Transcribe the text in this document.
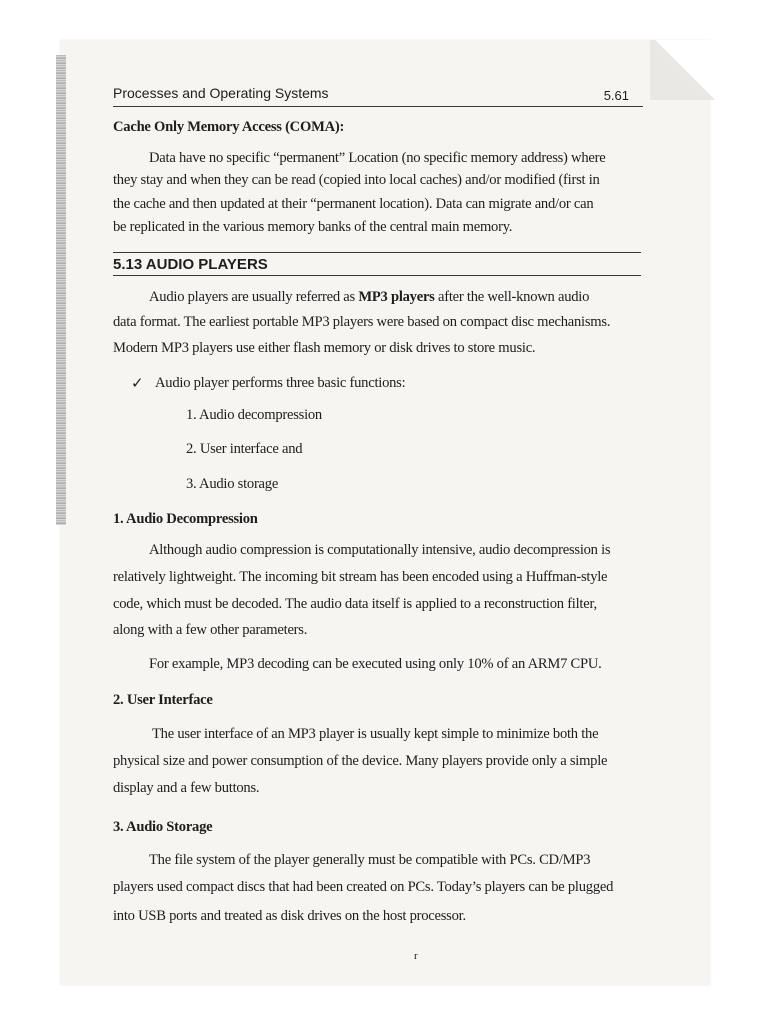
Processes and Operating Systems	5.61
Cache Only Memory Access (COMA):
Data have no specific “permanent” Location (no specific memory address) where
they stay and when they can be read (copied into local caches) and/or modified (first in
the cache and then updated at their “permanent location). Data can migrate and/or can
be replicated in the various memory banks of the central main memory.
5.13 AUDIO PLAYERS
Audio players are usually referred as MP3 players after the well-known audio
data format. The earliest portable MP3 players were based on compact disc mechanisms.
Modern MP3 players use either flash memory or disk drives to store music.
✓ Audio player performs three basic functions:
1. Audio decompression
2. User interface and
3. Audio storage
1. Audio Decompression
Although audio compression is computationally intensive, audio decompression is
relatively lightweight. The incoming bit stream has been encoded using a Huffman-style
code, which must be decoded. The audio data itself is applied to a reconstruction filter,
along with a few other parameters.
For example, MP3 decoding can be executed using only 10% of an ARM7 CPU.
2. User Interface
The user interface of an MP3 player is usually kept simple to minimize both the
physical size and power consumption of the device. Many players provide only a simple
display and a few buttons.
3. Audio Storage
The file system of the player generally must be compatible with PCs. CD/MP3
players used compact discs that had been created on PCs. Today’s players can be plugged
into USB ports and treated as disk drives on the host processor.
r
